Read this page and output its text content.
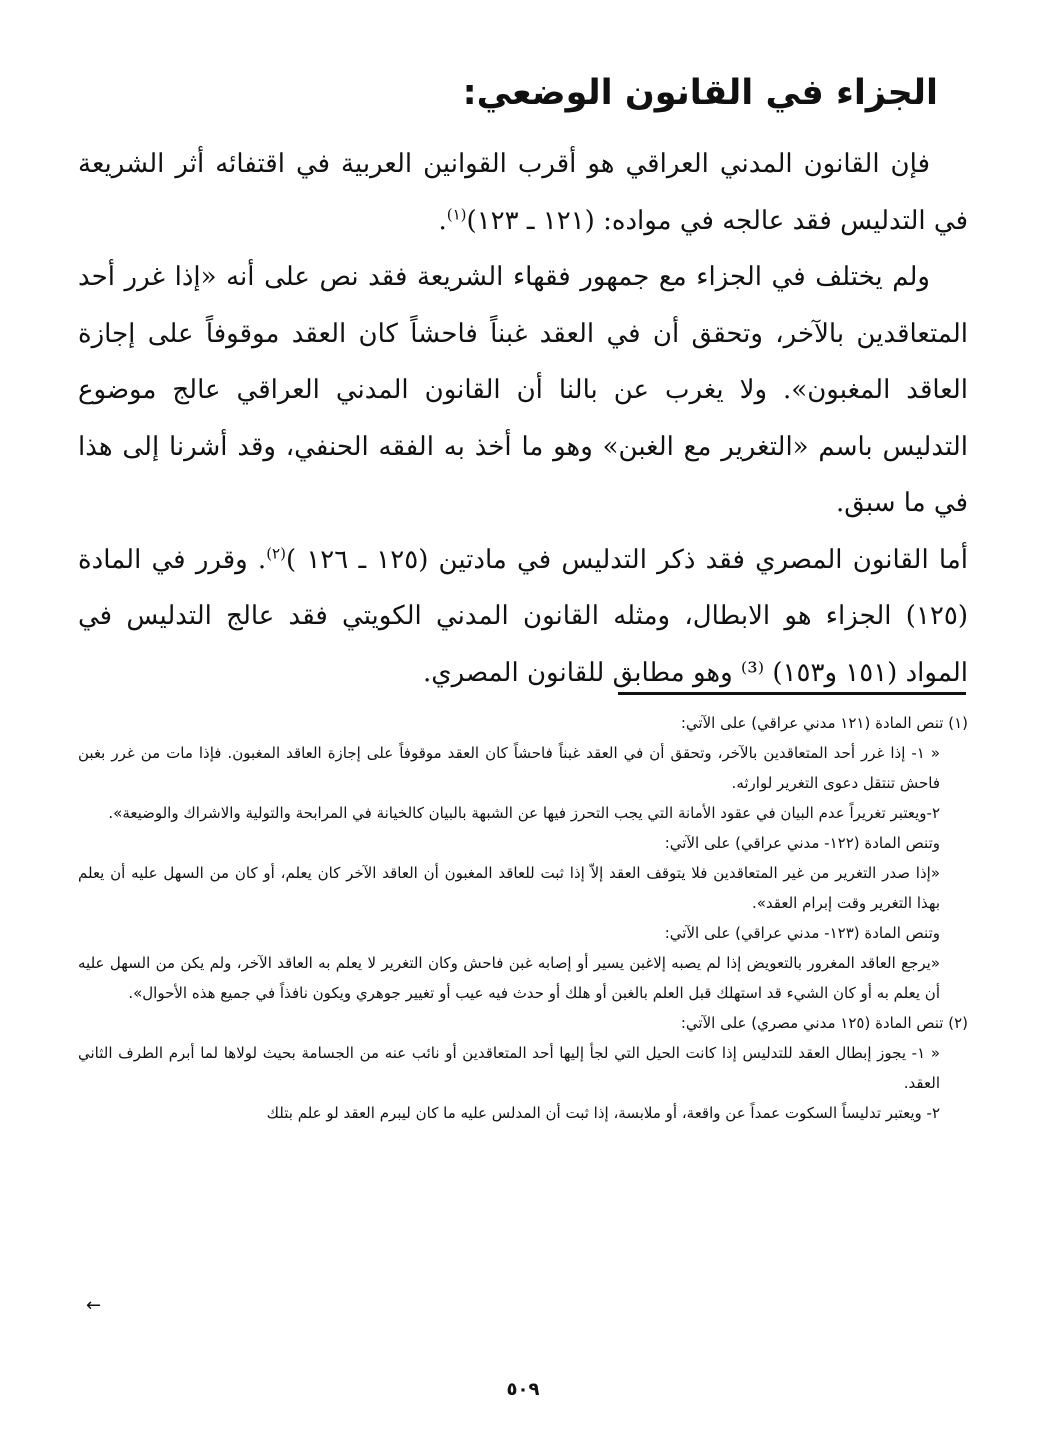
الجزاء في القانون الوضعي:

فإن القانون المدني العراقي هو أقرب القوانين العربية في اقتفائه أثر الشريعة في التدليس فقد عالجه في مواده: (١٢١ ـ ١٢٣)$^{(١)}$.

ولم يختلف في الجزاء مع جمهور فقهاء الشريعة فقد نص على أنه «إذا غرر أحد المتعاقدين بالآخر، وتحقق أن في العقد غبناً فاحشاً كان العقد موقوفاً على إجازة العاقد المغبون». ولا يغرب عن بالنا أن القانون المدني العراقي عالج موضوع التدليس باسم «التغرير مع الغبن» وهو ما أخذ به الفقه الحنفي، وقد أشرنا إلى هذا في ما سبق.

أما القانون المصري فقد ذكر التدليس في مادتين (١٢٥ ـ ١٢٦ )$^{(٢)}$. وقرر في المادة (١٢٥) الجزاء هو الابطال، ومثله القانون المدني الكويتي فقد عالج التدليس في المواد (١٥١ و١٥٣) ⁽³⁾ وهو مطابق للقانون المصري.

(١) تنص المادة (١٢١ مدني عراقي) على الآتي:

« ١- إذا غرر أحد المتعاقدين بالآخر، وتحقق أن في العقد غبناً فاحشاً كان العقد موقوفاً على إجازة العاقد المغبون. فإذا مات من غرر بغبن فاحش تنتقل دعوى التغرير لوارثه.

٢-ويعتبر تغريراً عدم البيان في عقود الأمانة التي يجب التحرز فيها عن الشبهة بالبيان كالخيانة في المرابحة والتولية والاشراك والوضيعة».

وتنص المادة (١٢٢- مدني عراقي) على الآتي:

«إذا صدر التغرير من غير المتعاقدين فلا يتوقف العقد إلاّ إذا ثبت للعاقد المغبون أن العاقد الآخر كان يعلم، أو كان من السهل عليه أن يعلم بهذا التغرير وقت إبرام العقد».

وتنص المادة (١٢٣- مدني عراقي) على الآتي:

«يرجع العاقد المغرور بالتعويض إذا لم يصبه إلاغبن يسير أو إصابه غبن فاحش وكان التغرير لا يعلم به العاقد الآخر، ولم يكن من السهل عليه أن يعلم به أو كان الشيء قد استهلك قبل العلم بالغبن أو هلك أو حدث فيه عيب أو تغيير جوهري ويكون نافذاً في جميع هذه الأحوال».

(٢) تنص المادة (١٢٥ مدني مصري) على الآتي:

« ١- يجوز إبطال العقد للتدليس إذا كانت الحيل التي لجأ إليها أحد المتعاقدين أو نائب عنه من الجسامة بحيث لولاها لما أبرم الطرف الثاني العقد.

٢- ويعتبر تدليساً السكوت عمداً عن واقعة، أو ملابسة، إذا ثبت أن المدلس عليه ما كان ليبرم العقد لو علم بتلك

←
٥٠٩
